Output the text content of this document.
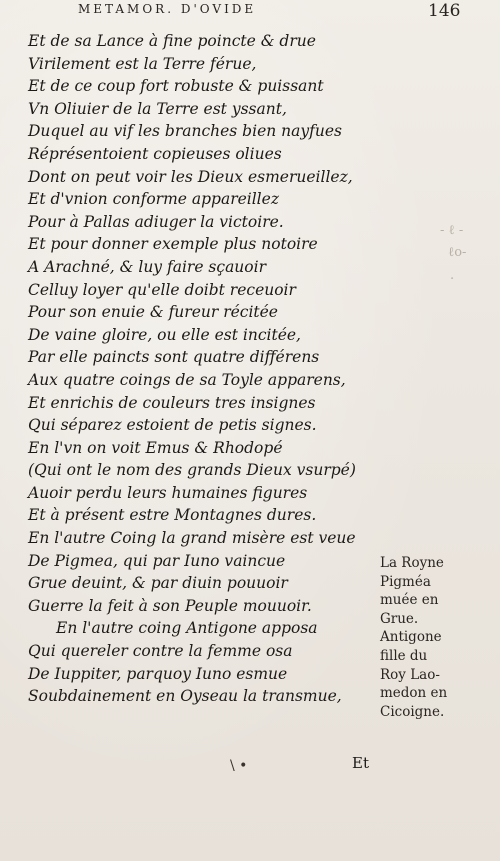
METAMOR. D'OVIDE	146
Et de sa Lance à fine poincte & drue
Virilement est la Terre férue,
Et de ce coup fort robuste & puissant
Vn Oliuier de la Terre est yssant,
Duquel au vif les branches bien nayfues
Réprésentoient copieuses oliues
Dont on peut voir les Dieux esmerueillez,
Et d'vnion conforme appareillez
Pour à Pallas adiuger la victoire.
Et pour donner exemple plus notoire
A Arachné, & luy faire sçauoir
Celluy loyer qu'elle doibt receuoir
Pour son enuie & fureur récitée
De vaine gloire, ou elle est incitée,
Par elle paincts sont quatre différens
Aux quatre coings de sa Toyle apparens,
Et enrichis de couleurs tres insignes
Qui séparez estoient de petis signes.
En l'vn on voit Emus & Rhodopé
(Qui ont le nom des grands Dieux vsurpé)
Auoir perdu leurs humaines figures
Et à présent estre Montagnes dures.
En l'autre Coing la grand misère est veue
De Pigmea, qui par Iuno vaincue
Grue deuint, & par diuin pouuoir
Guerre la feit à son Peuple mouuoir.
En l'autre coing Antigone apposa
Qui quereler contre la femme osa
De Iuppiter, parquoy Iuno esmue
Soubdainement en Oyseau la transmue,
La Royne
Pigméa
muée en
Grue.
Antigone
fille du
Roy Lao-
medon en
Cicoigne.
- ℓ -
ℓo-
.
\ •	Et
